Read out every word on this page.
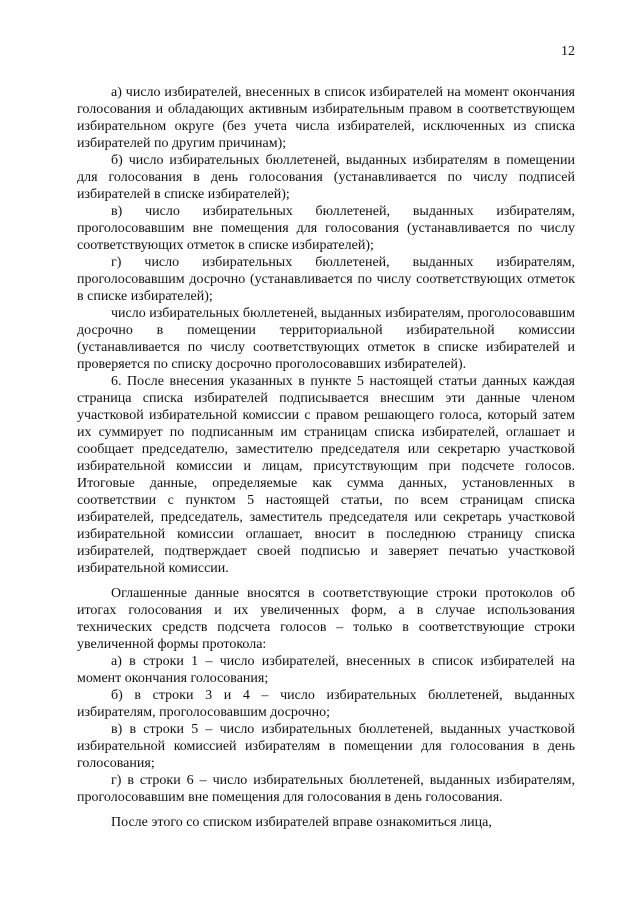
12

а) число избирателей, внесенных в список избирателей на момент окончания голосования и обладающих активным избирательным правом в соответствующем избирательном округе (без учета числа избирателей, исключенных из списка избирателей по другим причинам);

б) число избирательных бюллетеней, выданных избирателям в помещении для голосования в день голосования (устанавливается по числу подписей избирателей в списке избирателей);

в) число избирательных бюллетеней, выданных избирателям, проголосовавшим вне помещения для голосования (устанавливается по числу соответствующих отметок в списке избирателей);

г) число избирательных бюллетеней, выданных избирателям, проголосовавшим досрочно (устанавливается по числу соответствующих отметок в списке избирателей);

число избирательных бюллетеней, выданных избирателям, проголосовавшим досрочно в помещении территориальной избирательной комиссии (устанавливается по числу соответствующих отметок в списке избирателей и проверяется по списку досрочно проголосовавших избирателей).

6. После внесения указанных в пункте 5 настоящей статьи данных каждая страница списка избирателей подписывается внесшим эти данные членом участковой избирательной комиссии с правом решающего голоса, который затем их суммирует по подписанным им страницам списка избирателей, оглашает и сообщает председателю, заместителю председателя или секретарю участковой избирательной комиссии и лицам, присутствующим при подсчете голосов. Итоговые данные, определяемые как сумма данных, установленных в соответствии с пунктом 5 настоящей статьи, по всем страницам списка избирателей, председатель, заместитель председателя или секретарь участковой избирательной комиссии оглашает, вносит в последнюю страницу списка избирателей, подтверждает своей подписью и заверяет печатью участковой избирательной комиссии.

Оглашенные данные вносятся в соответствующие строки протоколов об итогах голосования и их увеличенных форм, а в случае использования технических средств подсчета голосов – только в соответствующие строки увеличенной формы протокола:

а) в строки 1 – число избирателей, внесенных в список избирателей на момент окончания голосования;

б) в строки 3 и 4 – число избирательных бюллетеней, выданных избирателям, проголосовавшим досрочно;

в) в строки 5 – число избирательных бюллетеней, выданных участковой избирательной комиссией избирателям в помещении для голосования в день голосования;

г) в строки 6 – число избирательных бюллетеней, выданных избирателям, проголосовавшим вне помещения для голосования в день голосования.

После этого со списком избирателей вправе ознакомиться лица,
